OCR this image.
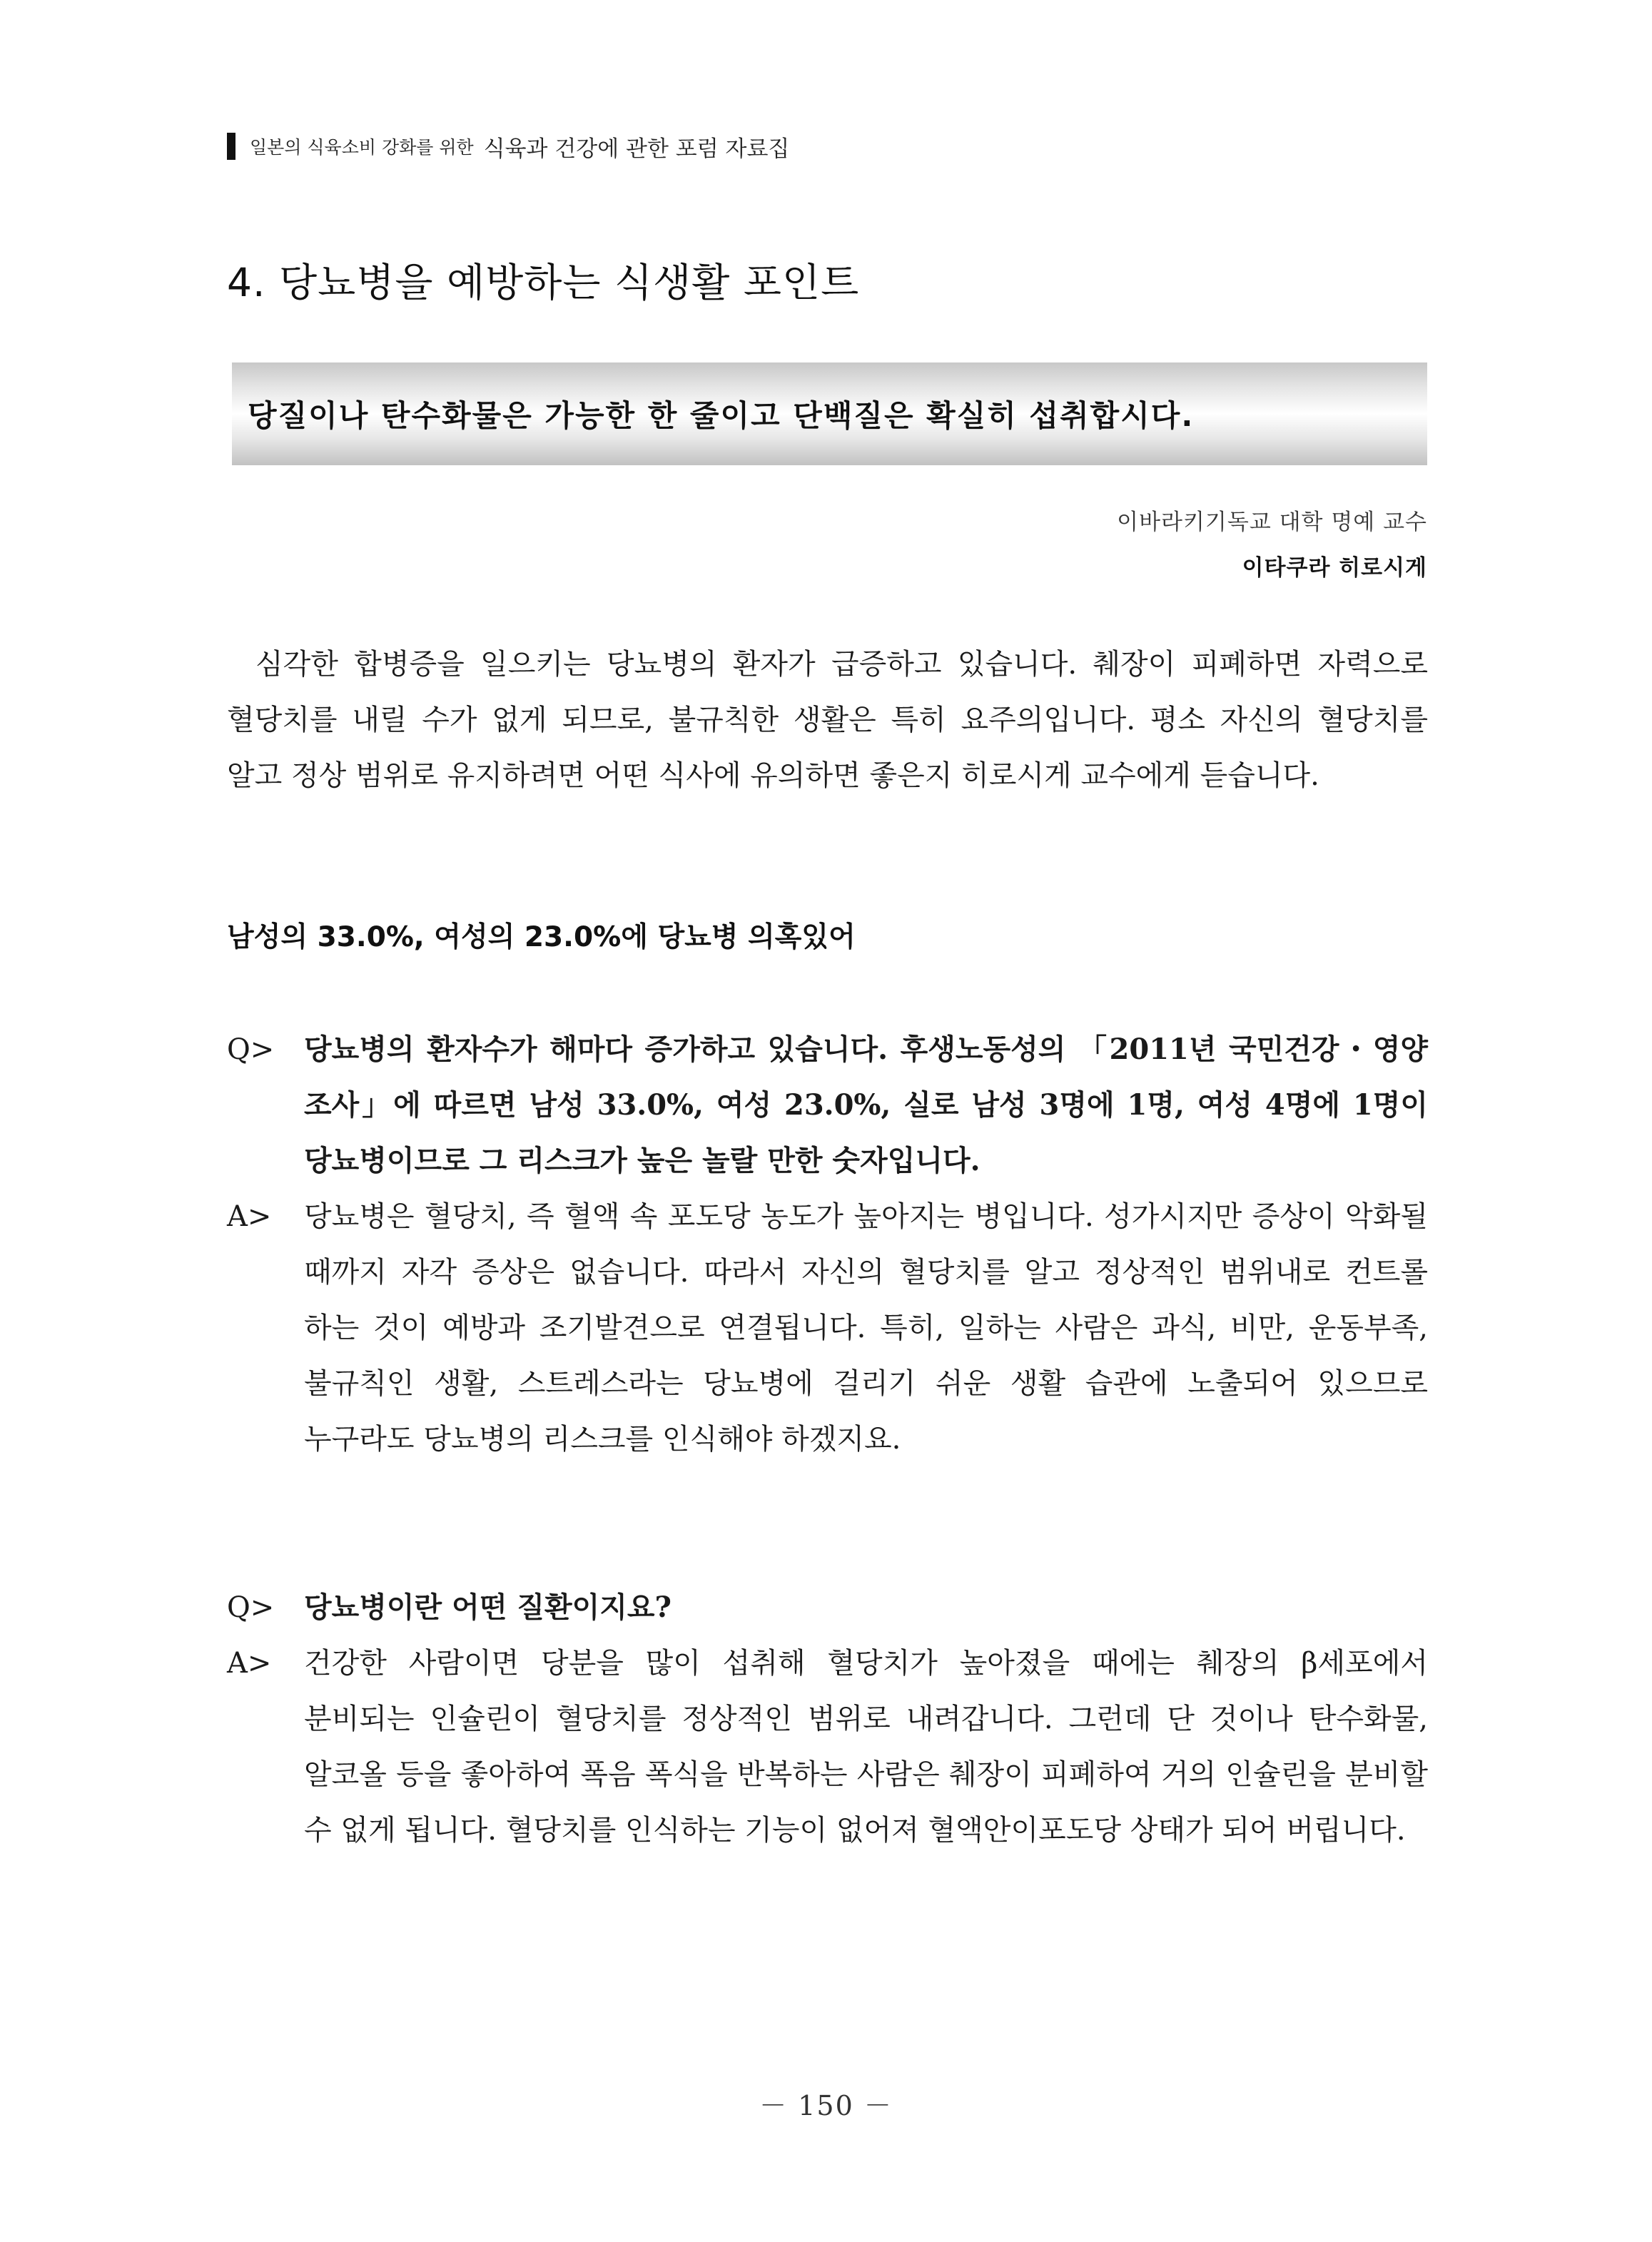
일본의 식육소비 강화를 위한 식육과 건강에 관한 포럼 자료집
4. 당뇨병을 예방하는 식생활 포인트
당질이나 탄수화물은 가능한 한 줄이고 단백질은 확실히 섭취합시다.
이바라키기독교 대학 명예 교수
이타쿠라 히로시게

심각한 합병증을 일으키는 당뇨병의 환자가 급증하고 있습니다. 췌장이 피폐하면 자력으로 혈당치를 내릴 수가 없게 되므로, 불규칙한 생활은 특히 요주의입니다. 평소 자신의 혈당치를 알고 정상 범위로 유지하려면 어떤 식사에 유의하면 좋은지 히로시게 교수에게 듣습니다.

남성의 33.0%, 여성의 23.0%에 당뇨병 의혹있어
Q>	당뇨병의 환자수가 해마다 증가하고 있습니다. 후생노동성의 「2011년 국민건강・영양 조사」에 따르면 남성 33.0%, 여성 23.0%, 실로 남성 3명에 1명, 여성 4명에 1명이 당뇨병이므로 그 리스크가 높은 놀랄 만한 숫자입니다.
A>	당뇨병은 혈당치, 즉 혈액 속 포도당 농도가 높아지는 병입니다. 성가시지만 증상이 악화될 때까지 자각 증상은 없습니다. 따라서 자신의 혈당치를 알고 정상적인 범위내로 컨트롤 하는 것이 예방과 조기발견으로 연결됩니다. 특히, 일하는 사람은 과식, 비만, 운동부족, 불규칙인 생활, 스트레스라는 당뇨병에 걸리기 쉬운 생활 습관에 노출되어 있으므로 누구라도 당뇨병의 리스크를 인식해야 하겠지요.
Q>	당뇨병이란 어떤 질환이지요?
A>	건강한 사람이면 당분을 많이 섭취해 혈당치가 높아졌을 때에는 췌장의 β세포에서 분비되는 인슐린이 혈당치를 정상적인 범위로 내려갑니다. 그런데 단 것이나 탄수화물, 알코올 등을 좋아하여 폭음 폭식을 반복하는 사람은 췌장이 피폐하여 거의 인슐린을 분비할 수 없게 됩니다. 혈당치를 인식하는 기능이 없어져 혈액안이포도당 상태가 되어 버립니다.
－ 150 －
